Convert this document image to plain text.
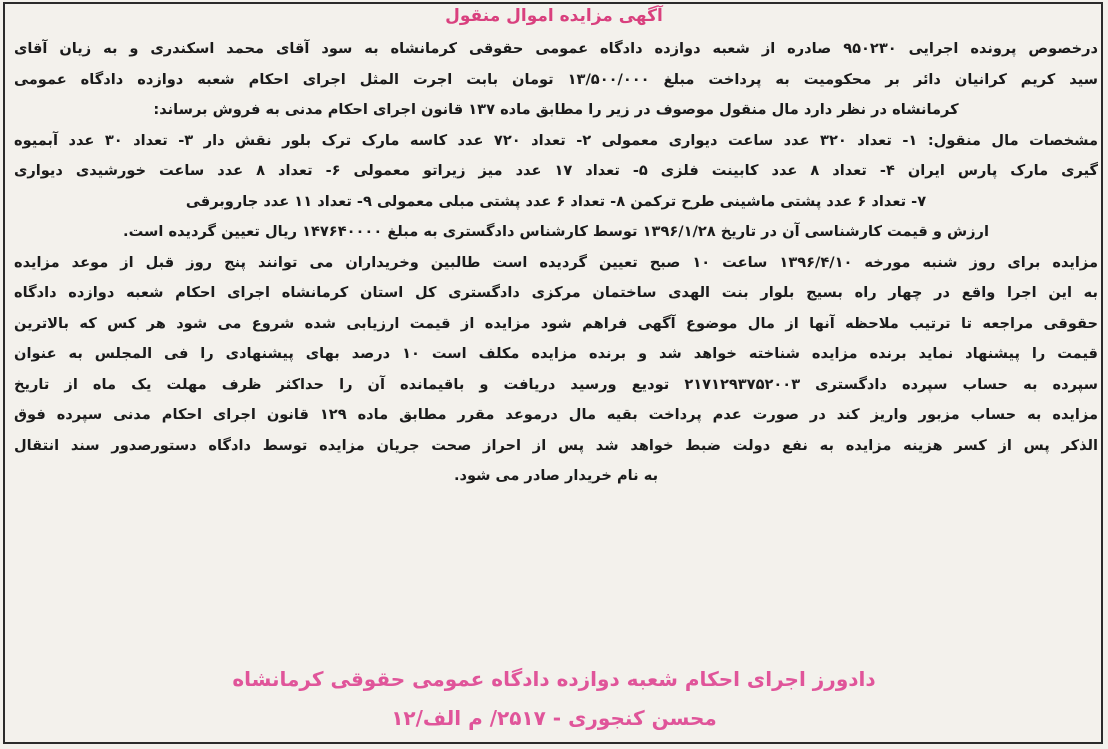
آگهی مزایده اموال منقول
درخصوص پرونده اجرایی ۹۵۰۲۳۰ صادره از شعبه دوازده دادگاه عمومی حقوقی کرمانشاه به سود آقای محمد اسکندری و به زیان آقای
سید کریم کرانیان دائر بر محکومیت به پرداخت مبلغ ۱۳/۵۰۰/۰۰۰ تومان بابت اجرت المثل اجرای احکام شعبه دوازده دادگاه عمومی
کرمانشاه در نظر دارد مال منقول موصوف در زیر را مطابق ماده ۱۳۷ قانون اجرای احکام مدنی به فروش برساند:
مشخصات مال منقول: ۱- تعداد ۳۲۰ عدد ساعت دیواری معمولی ۲- تعداد ۷۲۰ عدد کاسه مارک ترک بلور نقش دار ۳- تعداد ۳۰ عدد آبمیوه
گیری مارک پارس ایران ۴- تعداد ۸ عدد کابینت فلزی ۵- تعداد ۱۷ عدد میز زیراتو معمولی ۶- تعداد ۸ عدد ساعت خورشیدی دیواری
۷- تعداد ۶ عدد پشتی ماشینی طرح ترکمن ۸- تعداد ۶ عدد پشتی مبلی معمولی ۹- تعداد ۱۱ عدد جاروبرقی
ارزش و قیمت کارشناسی آن در تاریخ ۱۳۹۶/۱/۲۸ توسط کارشناس دادگستری به مبلغ ۱۴۷۶۴۰۰۰۰ ریال تعیین گردیده است.
مزایده برای روز شنبه مورخه ۱۳۹۶/۴/۱۰ ساعت ۱۰ صبح تعیین گردیده است طالبین وخریداران می توانند پنج روز قبل از موعد مزایده
به این اجرا واقع در چهار راه بسیج بلوار بنت الهدی ساختمان مرکزی دادگستری کل استان کرمانشاه اجرای احکام شعبه دوازده دادگاه
حقوقی مراجعه تا ترتیب ملاحظه آنها از مال موضوع آگهی فراهم شود مزایده از قیمت ارزیابی شده شروع می شود هر کس که بالاترین
قیمت را پیشنهاد نماید برنده مزایده شناخته خواهد شد و برنده مزایده مکلف است ۱۰ درصد بهای پیشنهادی را فی المجلس به عنوان
سپرده به حساب سپرده دادگستری ۲۱۷۱۲۹۳۷۵۲۰۰۳ تودیع ورسید دریافت و باقیمانده آن را حداکثر ظرف مهلت یک ماه از تاریخ
مزایده به حساب مزبور واریز کند در صورت عدم پرداخت بقیه مال درموعد مقرر مطابق ماده ۱۲۹ قانون اجرای احکام مدنی سپرده فوق
الذکر پس از کسر هزینه مزایده به نفع دولت ضبط خواهد شد پس از احراز صحت جریان مزایده توسط دادگاه دستورصدور سند انتقال
به نام خریدار صادر می شود.
دادورز اجرای احکام شعبه دوازده دادگاه عمومی حقوقی کرمانشاه
محسن کنجوری - ۲۵۱۷/ م الف/۱۲
